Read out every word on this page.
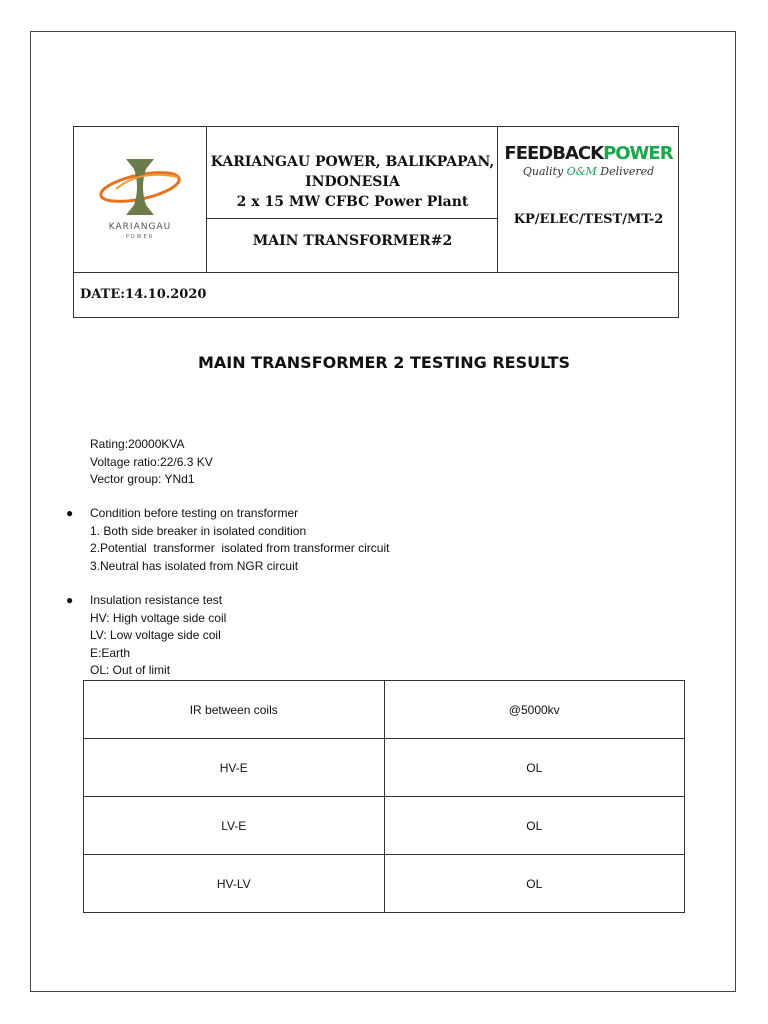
KARIANGAU
POWER
KARIANGAU POWER, BALIKPAPAN,
INDONESIA
2 x 15 MW CFBC Power Plant
MAIN TRANSFORMER#2
FEEDBACKPOWER
Quality O&M Delivered
KP/ELEC/TEST/MT-2
DATE:14.10.2020
MAIN TRANSFORMER 2 TESTING RESULTS
Rating:20000KVA
Voltage ratio:22/6.3 KV
Vector group: YNd1
● Condition before testing on transformer
1. Both side breaker in isolated condition
2.Potential  transformer  isolated from transformer circuit
3.Neutral has isolated from NGR circuit
● Insulation resistance test
HV: High voltage side coil
LV: Low voltage side coil
E:Earth
OL: Out of limit
IR between coils	@5000kv
HV-E	OL
LV-E	OL
HV-LV	OL
